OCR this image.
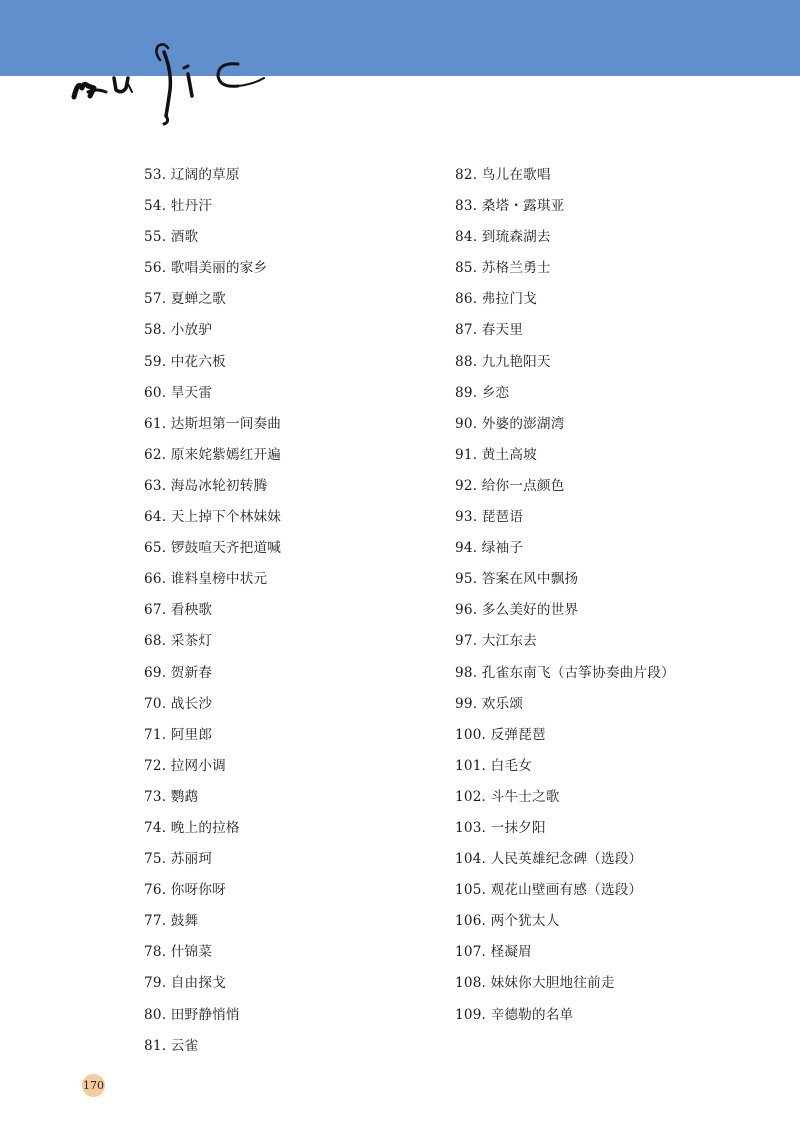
53. 辽阔的草原
54. 牡丹汗
55. 酒歌
56. 歌唱美丽的家乡
57. 夏蝉之歌
58. 小放驴
59. 中花六板
60. 旱天雷
61. 达斯坦第一间奏曲
62. 原来姹紫嫣红开遍
63. 海岛冰轮初转腾
64. 天上掉下个林妹妹
65. 锣鼓喧天齐把道喊
66. 谁料皇榜中状元
67. 看秧歌
68. 采茶灯
69. 贺新春
70. 战长沙
71. 阿里郎
72. 拉网小调
73. 鹦鹉
74. 晚上的拉格
75. 苏丽珂
76. 你呀你呀
77. 鼓舞
78. 什锦菜
79. 自由探戈
80. 田野静悄悄
81. 云雀
82. 鸟儿在歌唱
83. 桑塔・露琪亚
84. 到琉森湖去
85. 苏格兰勇士
86. 弗拉门戈
87. 春天里
88. 九九艳阳天
89. 乡恋
90. 外婆的澎湖湾
91. 黄土高坡
92. 给你一点颜色
93. 琵琶语
94. 绿袖子
95. 答案在风中飘扬
96. 多么美好的世界
97. 大江东去
98. 孔雀东南飞（古筝协奏曲片段）
99. 欢乐颂
100. 反弹琵琶
101. 白毛女
102. 斗牛士之歌
103. 一抹夕阳
104. 人民英雄纪念碑（选段）
105. 观花山壁画有感（选段）
106. 两个犹太人
107. 柽凝眉
108. 妹妹你大胆地往前走
109. 辛德勒的名单
170
